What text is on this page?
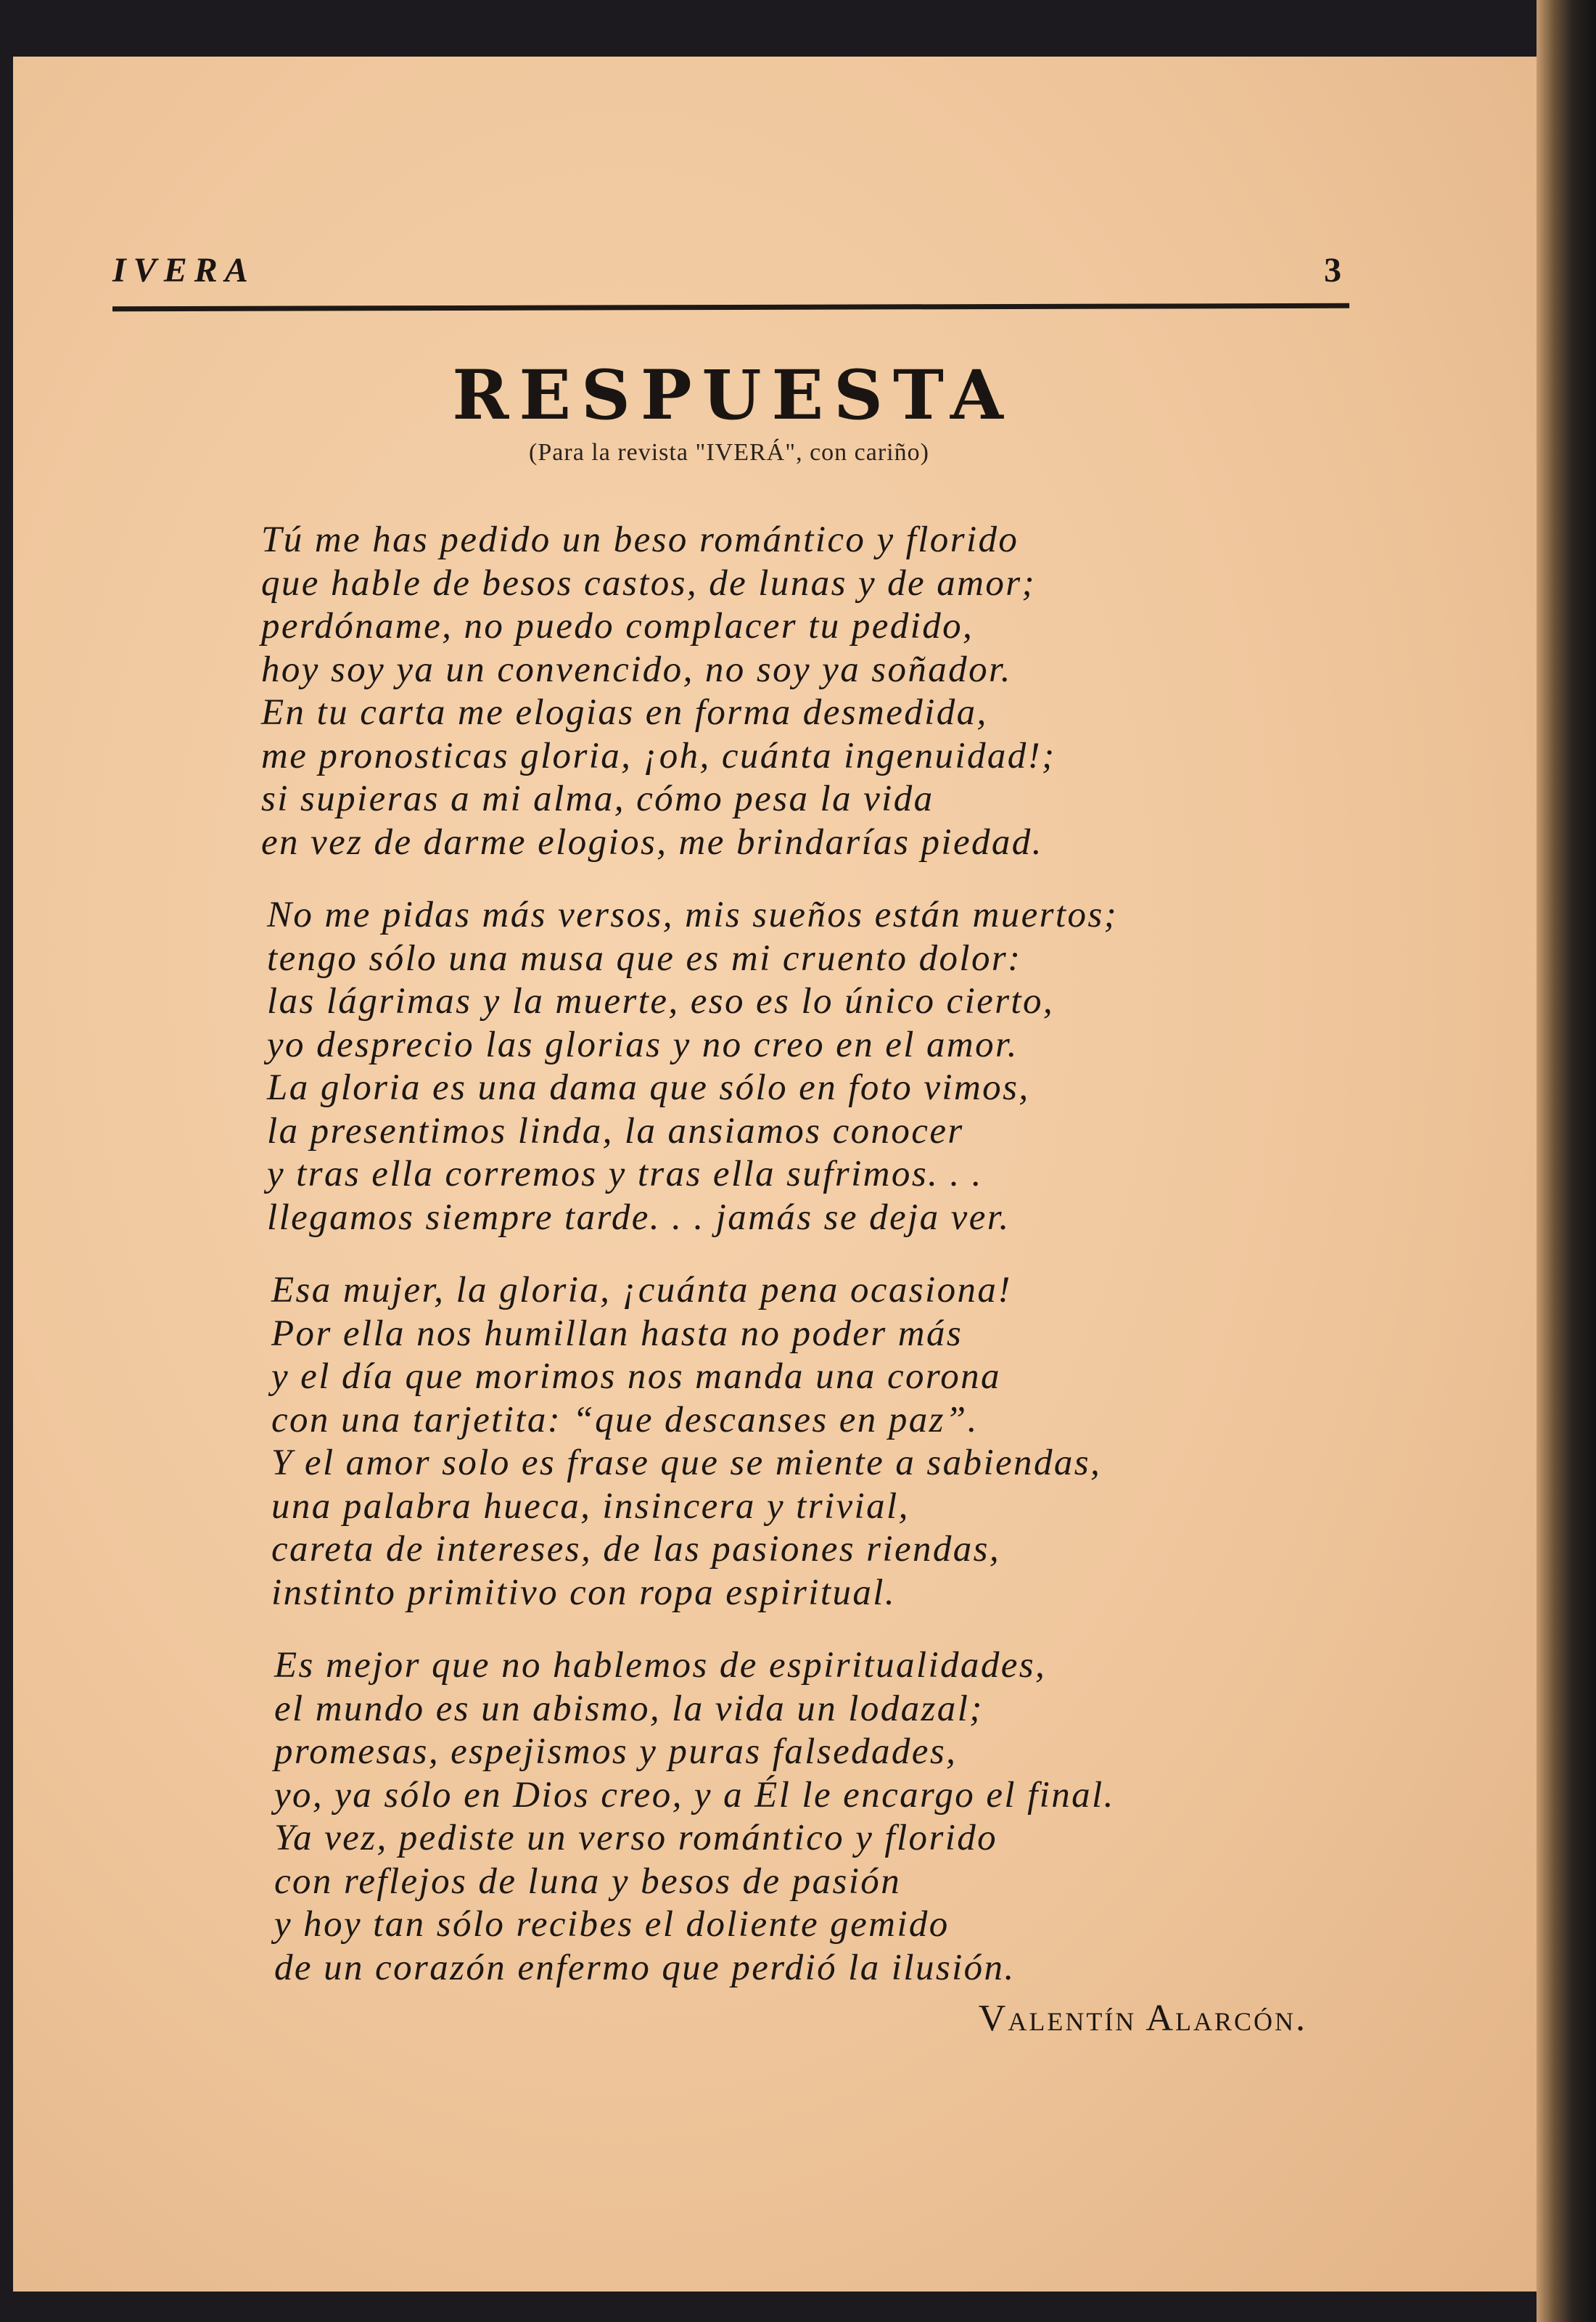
IVERA	3
RESPUESTA
(Para la revista "IVERÁ", con cariño)
Tú me has pedido un beso romántico y florido
que hable de besos castos, de lunas y de amor;
perdóname, no puedo complacer tu pedido,
hoy soy ya un convencido, no soy ya soñador.
En tu carta me elogias en forma desmedida,
me pronosticas gloria, ¡oh, cuánta ingenuidad!;
si supieras a mi alma, cómo pesa la vida
en vez de darme elogios, me brindarías piedad.
No me pidas más versos, mis sueños están muertos;
tengo sólo una musa que es mi cruento dolor:
las lágrimas y la muerte, eso es lo único cierto,
yo desprecio las glorias y no creo en el amor.
La gloria es una dama que sólo en foto vimos,
la presentimos linda, la ansiamos conocer
y tras ella corremos y tras ella sufrimos. . .
llegamos siempre tarde. . . jamás se deja ver.
Esa mujer, la gloria, ¡cuánta pena ocasiona!
Por ella nos humillan hasta no poder más
y el día que morimos nos manda una corona
con una tarjetita: “que descanses en paz”.
Y el amor solo es frase que se miente a sabiendas,
una palabra hueca, insincera y trivial,
careta de intereses, de las pasiones riendas,
instinto primitivo con ropa espiritual.
Es mejor que no hablemos de espiritualidades,
el mundo es un abismo, la vida un lodazal;
promesas, espejismos y puras falsedades,
yo, ya sólo en Dios creo, y a Él le encargo el final.
Ya vez, pediste un verso romántico y florido
con reflejos de luna y besos de pasión
y hoy tan sólo recibes el doliente gemido
de un corazón enfermo que perdió la ilusión.
Valentín Alarcón.
